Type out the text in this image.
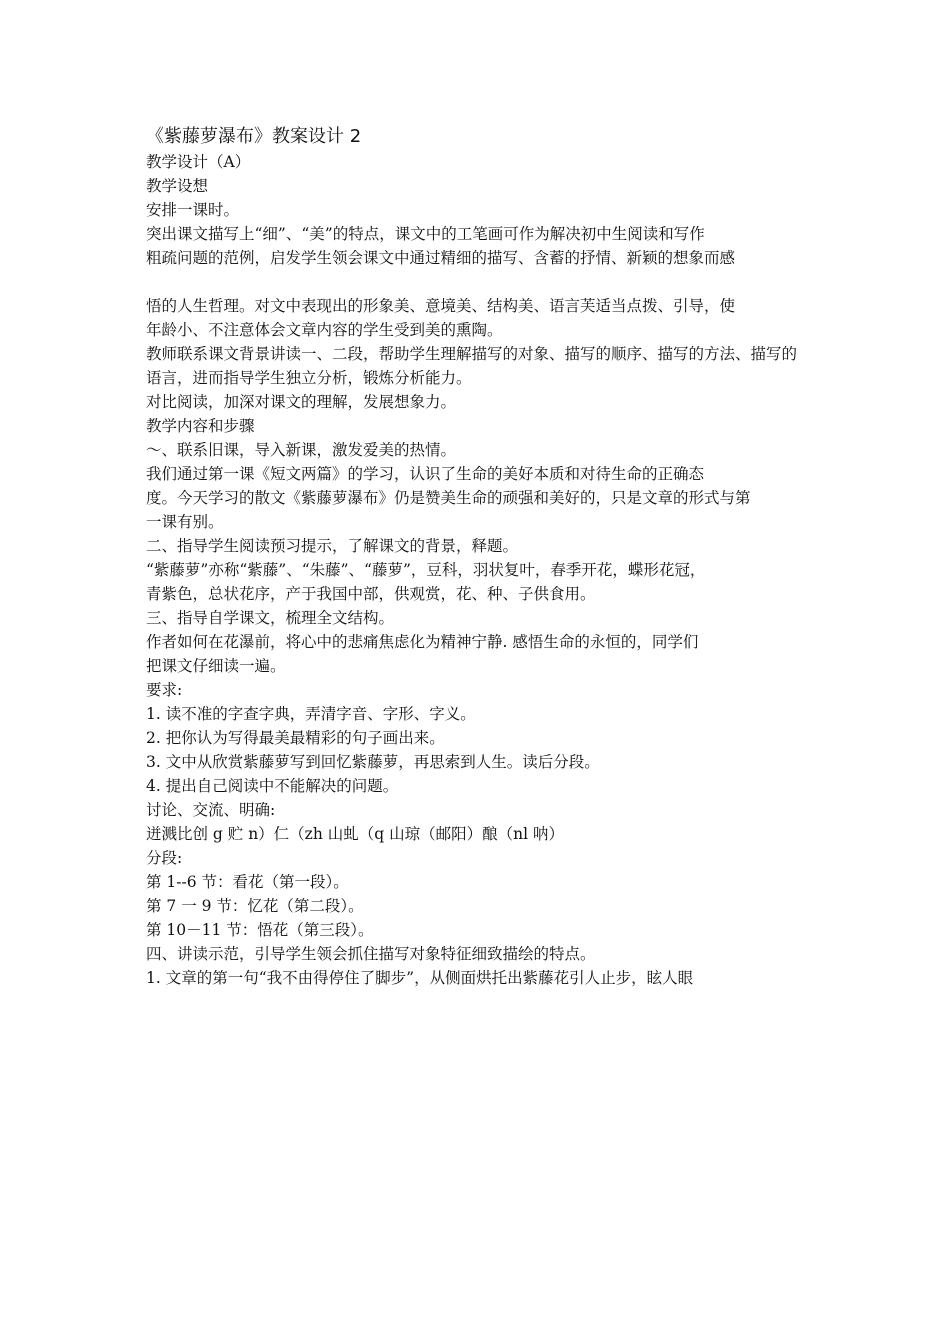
《紫藤萝瀑布》教案设计 2
教学设计（A）
教学设想
安排一课时。
突出课文描写上“细”、“美”的特点，课文中的工笔画可作为解决初中生阅读和写作
粗疏问题的范例，启发学生领会课文中通过精细的描写、含蓄的抒情、新颖的想象而感
悟的人生哲理。对文中表现出的形象美、意境美、结构美、语言芙适当点拨、引导，使
年龄小、不注意体会文章内容的学生受到美的熏陶。
教师联系课文背景讲读一、二段，帮助学生理解描写的对象、描写的顺序、描写的方法、描写的语言，进而指导学生独立分析，锻炼分析能力。
对比阅读，加深对课文的理解，发展想象力。
教学内容和步骤
～、联系旧课，导入新课，激发爱美的热情。
我们通过第一课《短文两篇》的学习，认识了生命的美好本质和对待生命的正确态
度。今天学习的散文《紫藤萝瀑布》仍是赞美生命的顽强和美好的，只是文章的形式与第
一课有别。
二、指导学生阅读预习提示，了解课文的背景，释题。
“紫藤萝”亦称“紫藤”、“朱藤”、“藤萝”，豆科，羽状复叶，春季开花，蝶形花冠，
青紫色，总状花序，产于我国中部，供观赏，花、种、子供食用。
三、指导自学课文，梳理全文结构。
作者如何在花瀑前，将心中的悲痛焦虑化为精神宁静. 感悟生命的永恒的，同学们
把课文仔细读一遍。
要求:
1. 读不准的字查字典，弄清字音、字形、字义。
2. 把你认为写得最美最精彩的句子画出来。
3. 文中从欣赏紫藤萝写到回忆紫藤萝，再思索到人生。读后分段。
4. 提出自己阅读中不能解决的问题。
讨论、交流、明确:
迸溅比创 g 贮 n）仁（zh 山虬（q 山琼（邮阳）酿（nl 呐）
分段:
第 1--6 节：看花（第一段）。
第 7 一 9 节：忆花（第二段）。
第 10－11 节：悟花（第三段）。
四、讲读示范，引导学生领会抓住描写对象特征细致描绘的特点。
1. 文章的第一句“我不由得停住了脚步”，从侧面烘托出紫藤花引人止步，眩人眼
